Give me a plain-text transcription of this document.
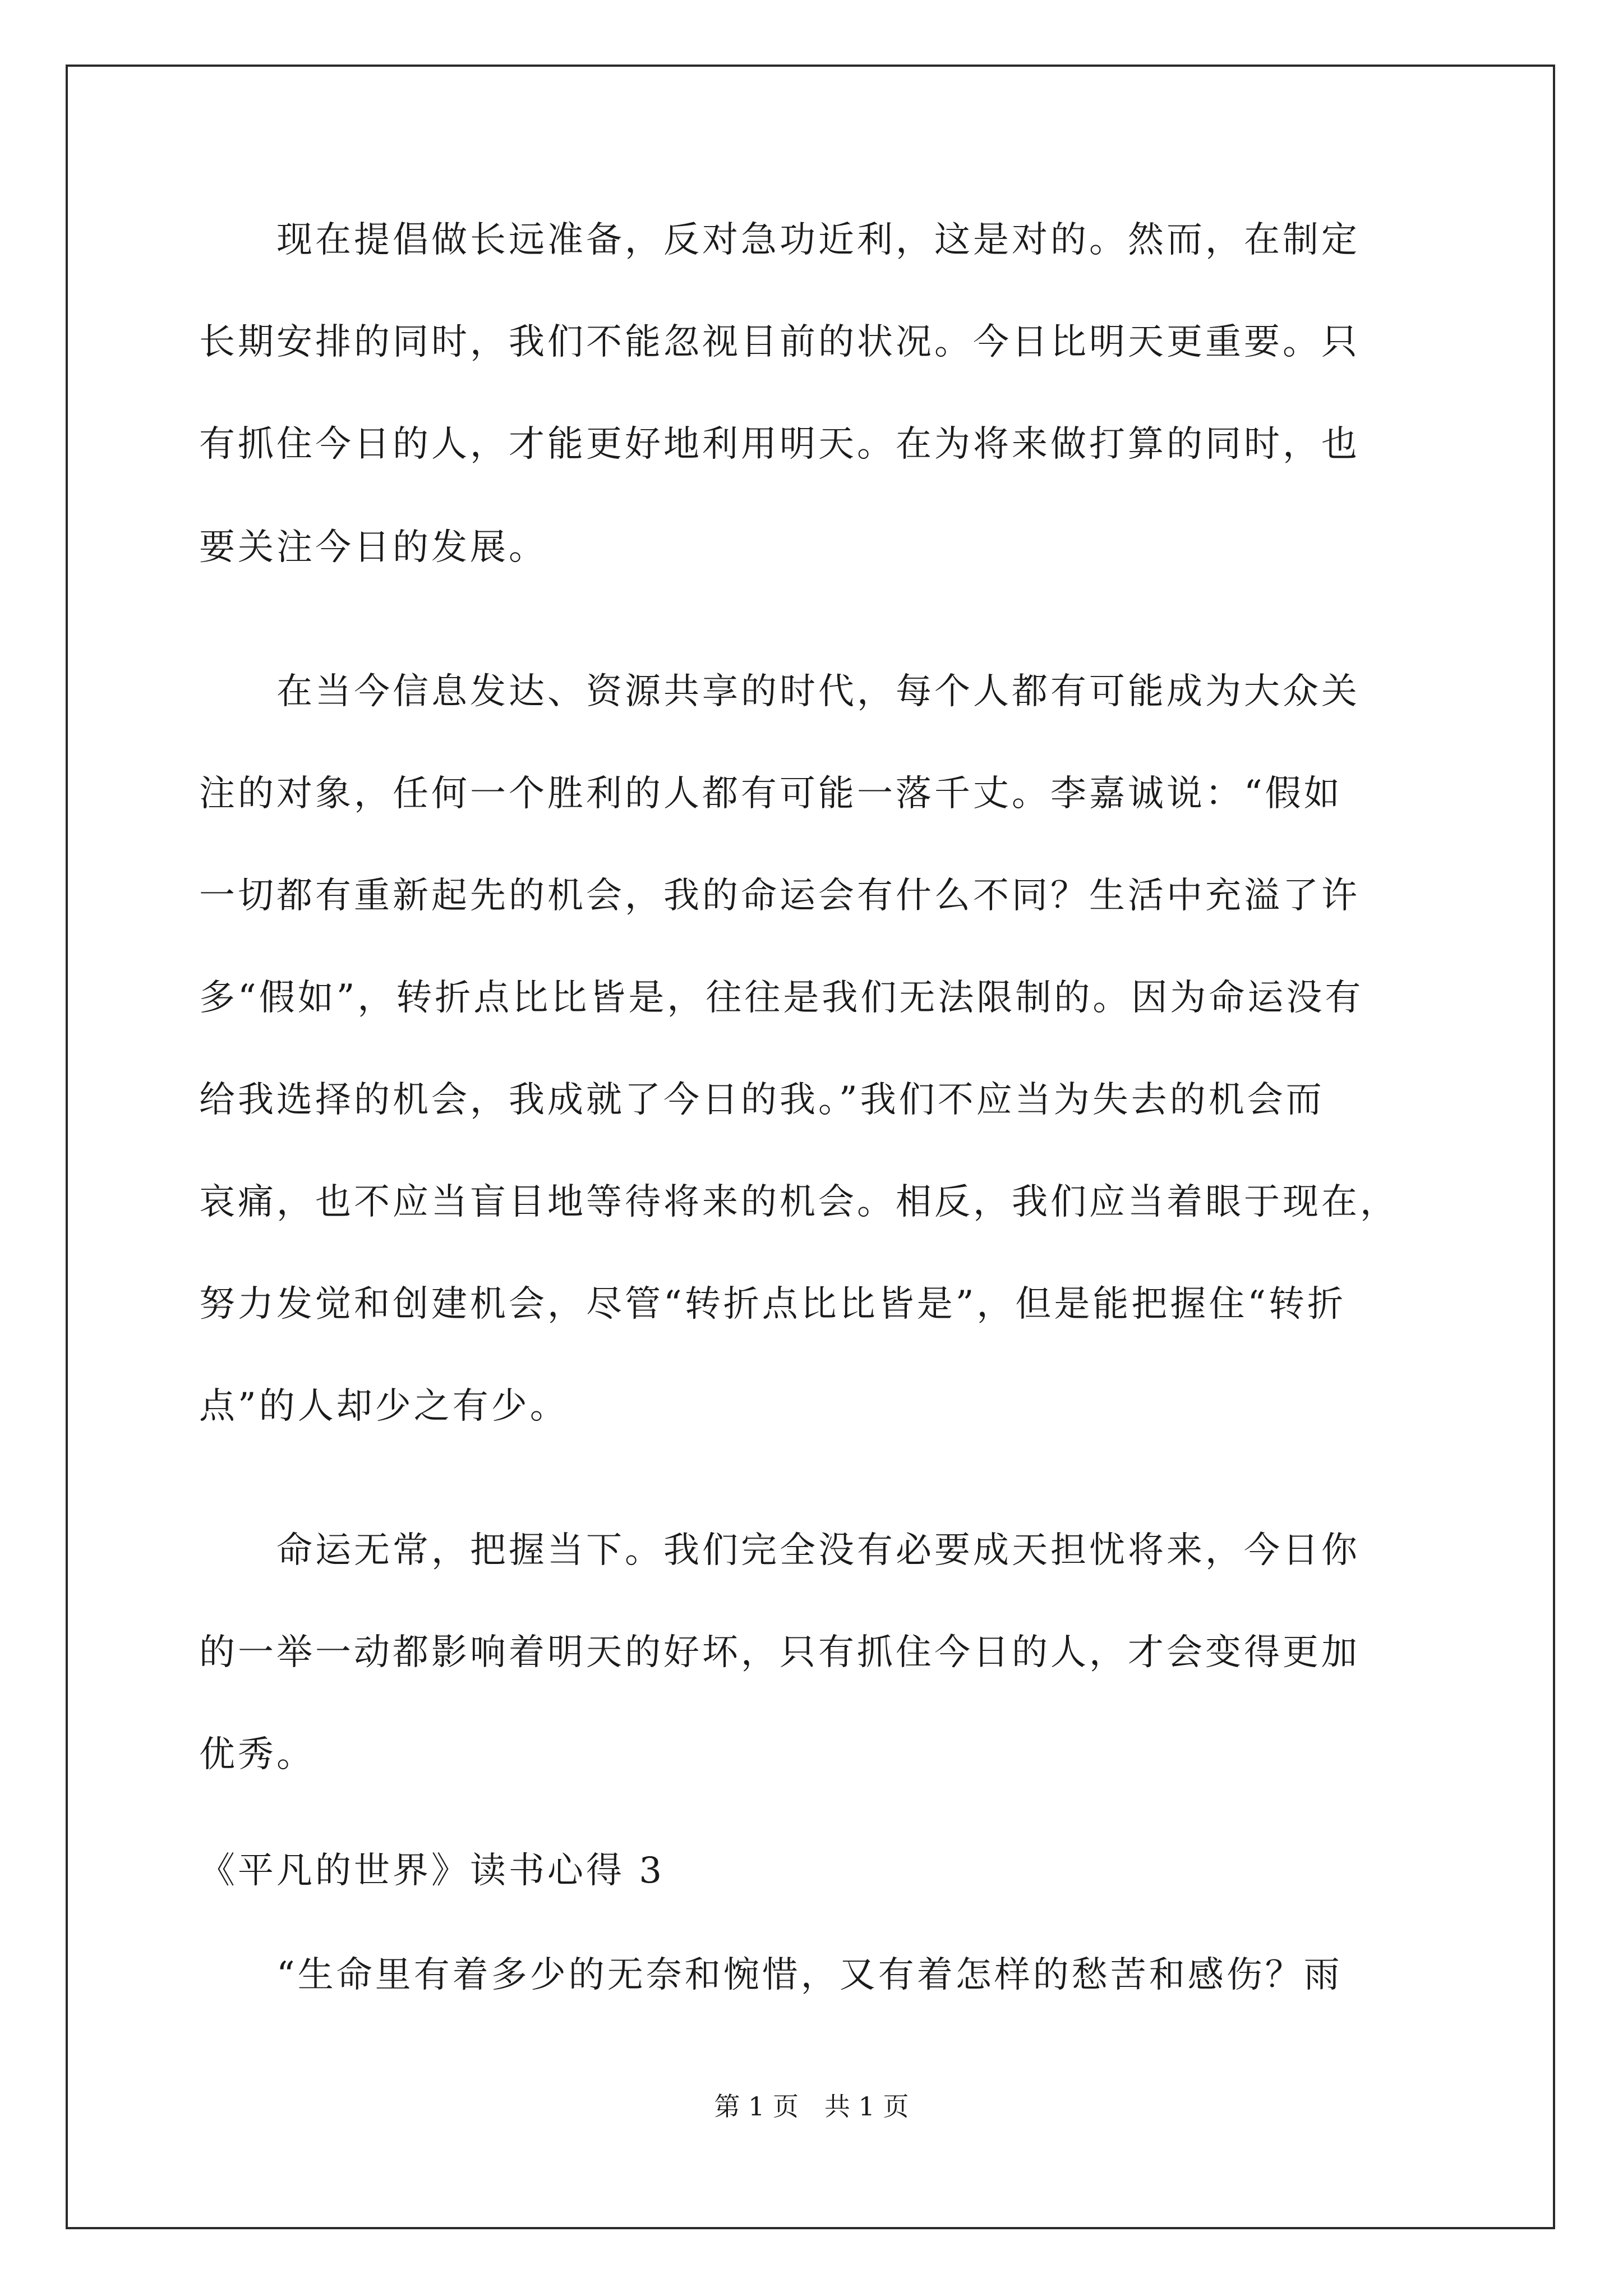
　　现在提倡做长远准备，反对急功近利，这是对的。然而，在制定
长期安排的同时，我们不能忽视目前的状况。今日比明天更重要。只
有抓住今日的人，才能更好地利用明天。在为将来做打算的同时，也
要关注今日的发展。
　　在当今信息发达、资源共享的时代，每个人都有可能成为大众关
注的对象，任何一个胜利的人都有可能一落千丈。李嘉诚说：“假如
一切都有重新起先的机会，我的命运会有什么不同？生活中充溢了许
多“假如”，转折点比比皆是，往往是我们无法限制的。因为命运没有
给我选择的机会，我成就了今日的我。”我们不应当为失去的机会而
哀痛，也不应当盲目地等待将来的机会。相反，我们应当着眼于现在，
努力发觉和创建机会，尽管“转折点比比皆是”，但是能把握住“转折
点”的人却少之有少。
　　命运无常，把握当下。我们完全没有必要成天担忧将来，今日你
的一举一动都影响着明天的好坏，只有抓住今日的人，才会变得更加
优秀。
《平凡的世界》读书心得 3
　　“生命里有着多少的无奈和惋惜，又有着怎样的愁苦和感伤？雨
第 1 页　共 1 页
